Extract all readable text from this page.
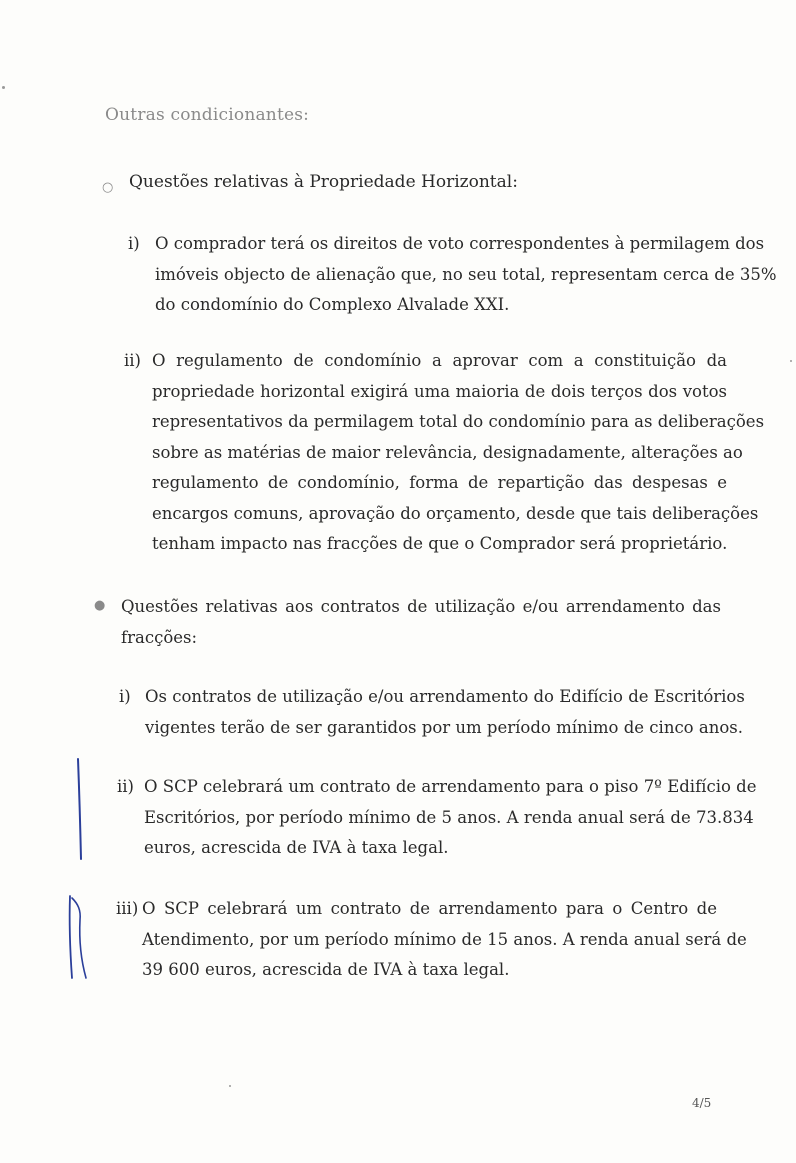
Outras condicionantes:
○ Questões relativas à Propriedade Horizontal:
i) O comprador terá os direitos de voto correspondentes à permilagem dos
imóveis objecto de alienação que, no seu total, representam cerca de 35%
do condomínio do Complexo Alvalade XXI.
ii) O regulamento de condomínio a aprovar com a constituição da
propriedade horizontal exigirá uma maioria de dois terços dos votos
representativos da permilagem total do condomínio para as deliberações
sobre as matérias de maior relevância, designadamente, alterações ao
regulamento de condomínio, forma de repartição das despesas e
encargos comuns, aprovação do orçamento, desde que tais deliberações
tenham impacto nas fracções de que o Comprador será proprietário.
● Questões relativas aos contratos de utilização e/ou arrendamento das
fracções:
i) Os contratos de utilização e/ou arrendamento do Edifício de Escritórios
vigentes terão de ser garantidos por um período mínimo de cinco anos.
ii) O SCP celebrará um contrato de arrendamento para o piso 7º Edifício de
Escritórios, por período mínimo de 5 anos. A renda anual será de 73.834
euros, acrescida de IVA à taxa legal.
iii) O SCP celebrará um contrato de arrendamento para o Centro de
Atendimento, por um período mínimo de 15 anos. A renda anual será de
39 600 euros, acrescida de IVA à taxa legal.
4/5
